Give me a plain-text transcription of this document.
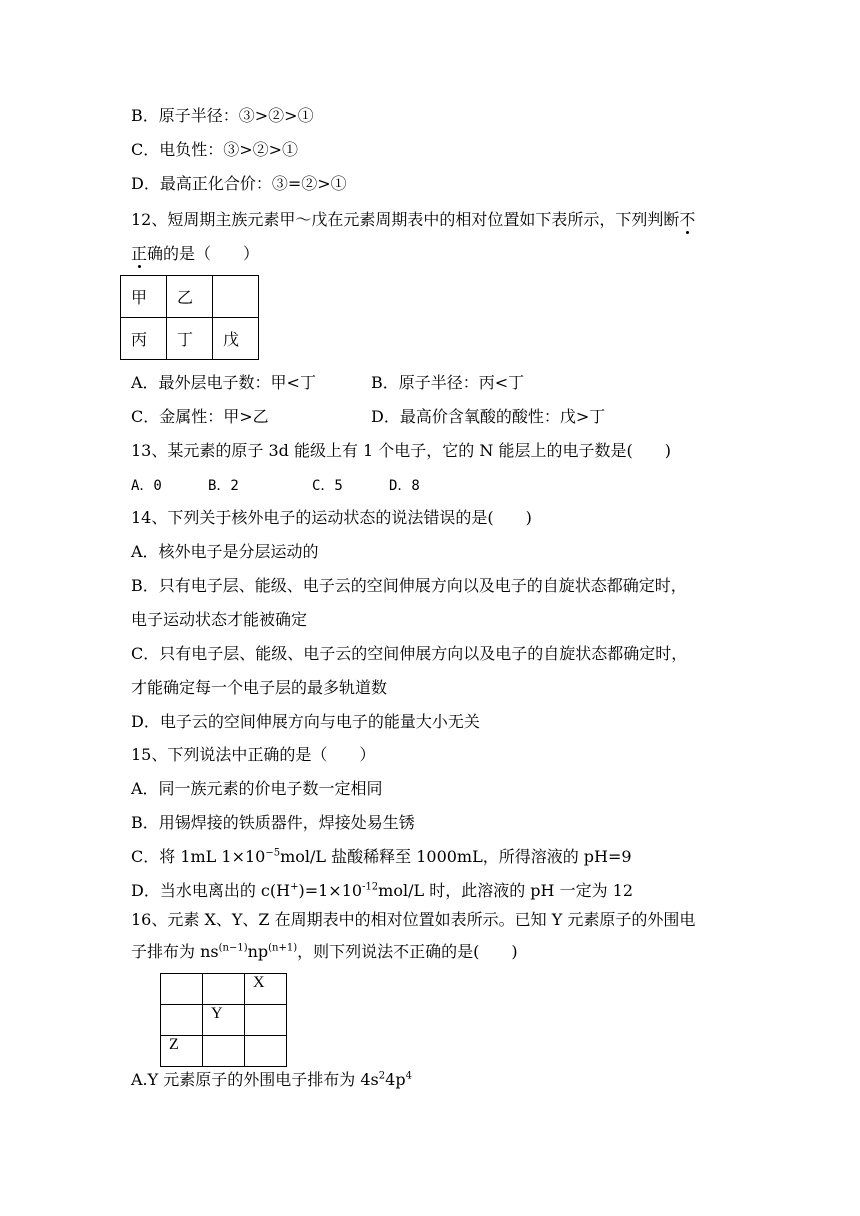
B．原子半径：③>②>①
C．电负性：③>②>①
D．最高正化合价：③=②>①
12、短周期主族元素甲～戊在元素周期表中的相对位置如下表所示，下列判断不
正确的是（　　）
甲	乙	
丙	丁	戊
A．最外层电子数：甲<丁	B．原子半径：丙<丁
C．金属性：甲>乙	D．最高价含氧酸的酸性：戊>丁
13、某元素的原子 3d 能级上有 1 个电子，它的 N 能层上的电子数是(　　)
A．0	B．2	C．5	D．8
14、下列关于核外电子的运动状态的说法错误的是(　　)
A．核外电子是分层运动的
B．只有电子层、能级、电子云的空间伸展方向以及电子的自旋状态都确定时，
电子运动状态才能被确定
C．只有电子层、能级、电子云的空间伸展方向以及电子的自旋状态都确定时，
才能确定每一个电子层的最多轨道数
D．电子云的空间伸展方向与电子的能量大小无关
15、下列说法中正确的是（　　）
A．同一族元素的价电子数一定相同
B．用锡焊接的铁质器件，焊接处易生锈
C．将 1mL $1\times 10^{-5}mol/L$ 盐酸稀释至 1000mL，所得溶液的 pH=9
D．当水电离出的 $c(H^+)=1\times 10^{-12}mol/L$ 时，此溶液的 pH 一定为 12
16、元素 X、Y、Z 在周期表中的相对位置如表所示。已知 Y 元素原子的外围电
子排布为 $ns^{(n-1)}np^{(n+1)}$，则下列说法不正确的是(　　)
		X
	Y	
Z		
A.Y 元素原子的外围电子排布为 $4s^24p^4$
